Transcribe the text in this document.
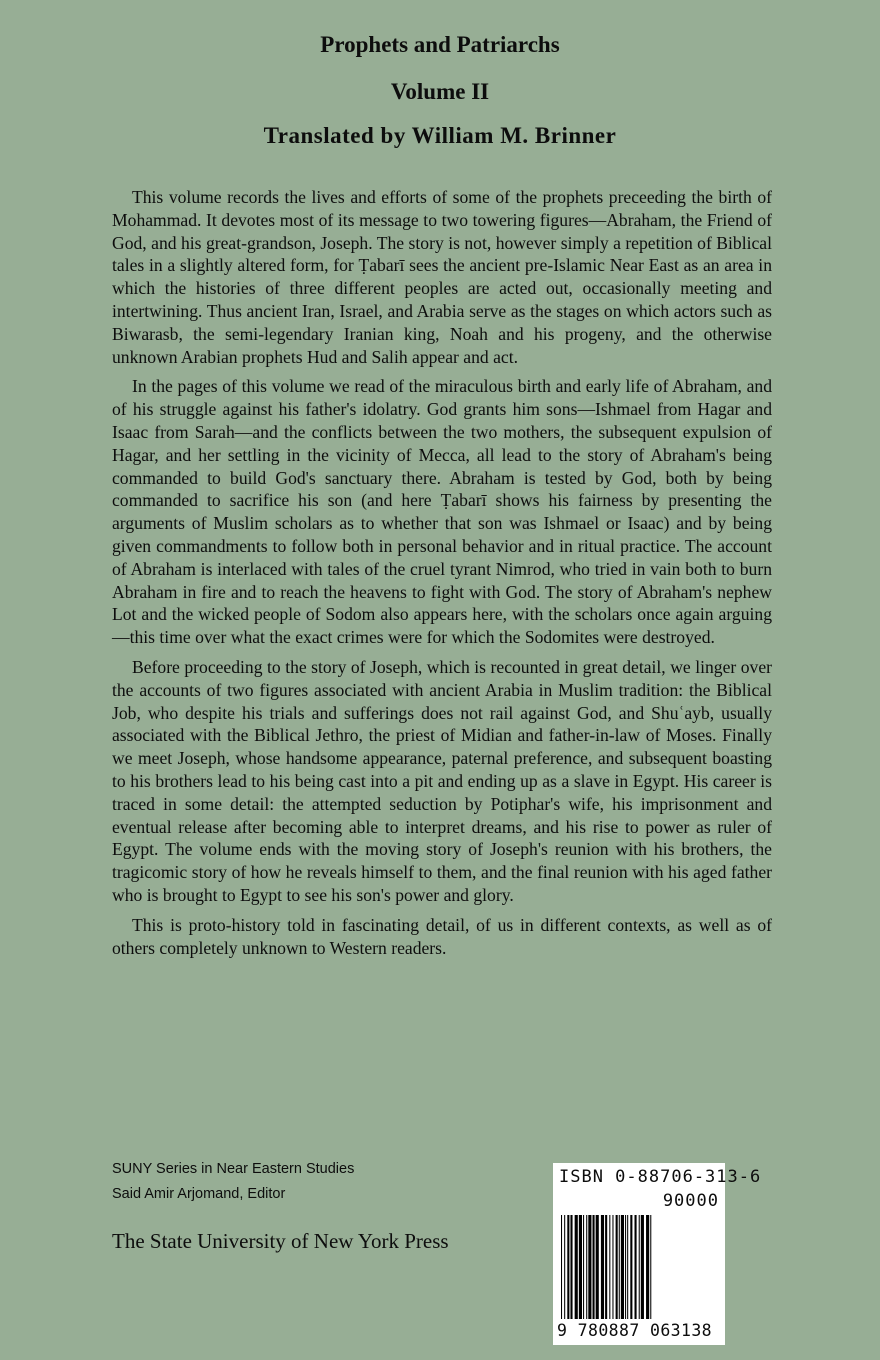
Prophets and Patriarchs
Volume II
Translated by William M. Brinner

This volume records the lives and efforts of some of the prophets preceeding the birth of Mohammad. It devotes most of its message to two towering figures—Abraham, the Friend of God, and his great-grandson, Joseph. The story is not, however simply a repetition of Biblical tales in a slightly altered form, for Ṭabarī sees the ancient pre-Islamic Near East as an area in which the histories of three different peoples are acted out, occasionally meeting and intertwining. Thus ancient Iran, Israel, and Arabia serve as the stages on which actors such as Biwarasb, the semi-legendary Iranian king, Noah and his progeny, and the otherwise unknown Arabian prophets Hud and Salih appear and act.

In the pages of this volume we read of the miraculous birth and early life of Abraham, and of his struggle against his father's idolatry. God grants him sons—Ishmael from Hagar and Isaac from Sarah—and the conflicts between the two mothers, the subsequent expulsion of Hagar, and her settling in the vicinity of Mecca, all lead to the story of Abraham's being commanded to build God's sanctuary there. Abraham is tested by God, both by being commanded to sacrifice his son (and here Ṭabarī shows his fairness by presenting the arguments of Muslim scholars as to whether that son was Ishmael or Isaac) and by being given commandments to follow both in personal behavior and in ritual practice. The account of Abraham is interlaced with tales of the cruel tyrant Nimrod, who tried in vain both to burn Abraham in fire and to reach the heavens to fight with God. The story of Abraham's nephew Lot and the wicked people of Sodom also appears here, with the scholars once again arguing—this time over what the exact crimes were for which the Sodomites were destroyed.

Before proceeding to the story of Joseph, which is recounted in great detail, we linger over the accounts of two figures associated with ancient Arabia in Muslim tradition: the Biblical Job, who despite his trials and sufferings does not rail against God, and Shuʿayb, usually associated with the Biblical Jethro, the priest of Midian and father-in-law of Moses. Finally we meet Joseph, whose handsome appearance, paternal preference, and subsequent boasting to his brothers lead to his being cast into a pit and ending up as a slave in Egypt. His career is traced in some detail: the attempted seduction by Potiphar's wife, his imprisonment and eventual release after becoming able to interpret dreams, and his rise to power as ruler of Egypt. The volume ends with the moving story of Joseph's reunion with his brothers, the tragicomic story of how he reveals himself to them, and the final reunion with his aged father who is brought to Egypt to see his son's power and glory.

This is proto-history told in fascinating detail, of us in different contexts, as well as of others completely unknown to Western readers.

SUNY Series in Near Eastern Studies
Said Amir Arjomand, Editor
The State University of New York Press
ISBN 0-88706-313-6
90000
9 780887 063138
